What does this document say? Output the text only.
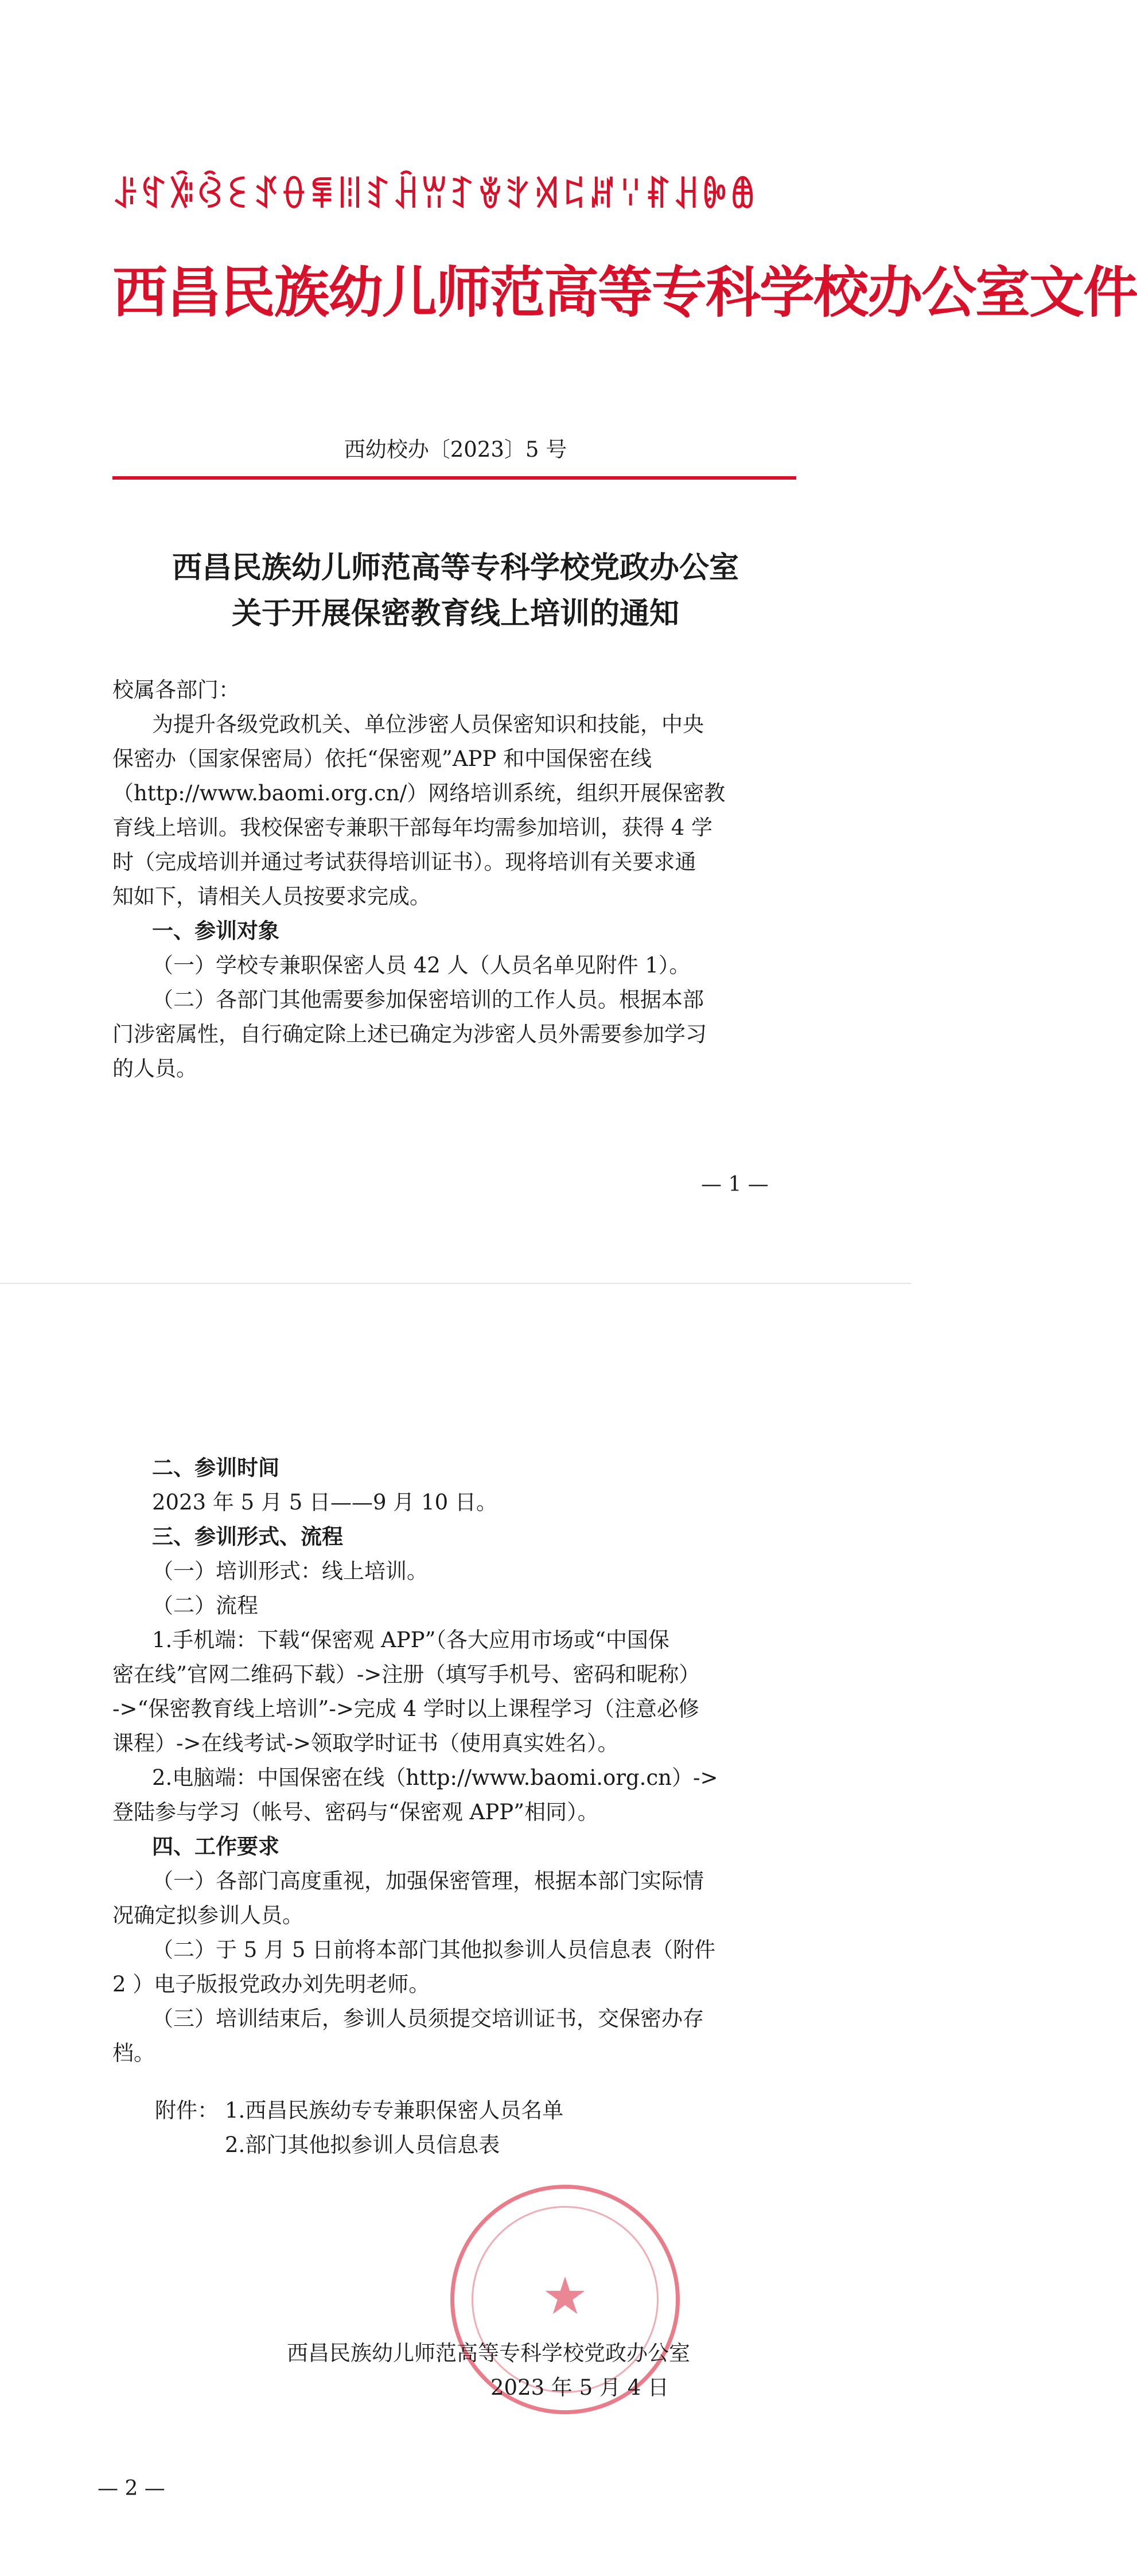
ꌠꉐꋙꃲꏂꀋꂷꁉꈨꆏꃄꀕꆈꎴꇬꄉꁊꏦꈌꐥꃅꐊꇊ
西昌民族幼儿师范高等专科学校办公室文件
西幼校办〔2023〕5 号
西昌民族幼儿师范高等专科学校党政办公室
关于开展保密教育线上培训的通知
校属各部门：
为提升各级党政机关、单位涉密人员保密知识和技能，中央
保密办（国家保密局）依托“保密观”APP 和中国保密在线
（http://www.baomi.org.cn/）网络培训系统，组织开展保密教
育线上培训。我校保密专兼职干部每年均需参加培训，获得 4 学
时（完成培训并通过考试获得培训证书）。现将培训有关要求通
知如下，请相关人员按要求完成。
一、参训对象
（一）学校专兼职保密人员 42 人（人员名单见附件 1）。
（二）各部门其他需要参加保密培训的工作人员。根据本部
门涉密属性，自行确定除上述已确定为涉密人员外需要参加学习
的人员。
— 1 —
二、参训时间
2023 年 5 月 5 日——9 月 10 日。
三、参训形式、流程
（一）培训形式：线上培训。
（二）流程
1.手机端：下载“保密观 APP”（各大应用市场或“中国保
密在线”官网二维码下载）->注册（填写手机号、密码和昵称）
->“保密教育线上培训”->完成 4 学时以上课程学习（注意必修
课程）->在线考试->领取学时证书（使用真实姓名）。
2.电脑端：中国保密在线（http://www.baomi.org.cn）->
登陆参与学习（帐号、密码与“保密观 APP”相同）。
四、工作要求
（一）各部门高度重视，加强保密管理，根据本部门实际情
况确定拟参训人员。
（二）于 5 月 5 日前将本部门其他拟参训人员信息表（附件
2 ）电子版报党政办刘先明老师。
（三）培训结束后，参训人员须提交培训证书，交保密办存
档。
附件： 1.西昌民族幼专专兼职保密人员名单
2.部门其他拟参训人员信息表
★
西昌民族幼儿师范高等专科学校党政办公室
2023 年 5 月 4 日
— 2 —
